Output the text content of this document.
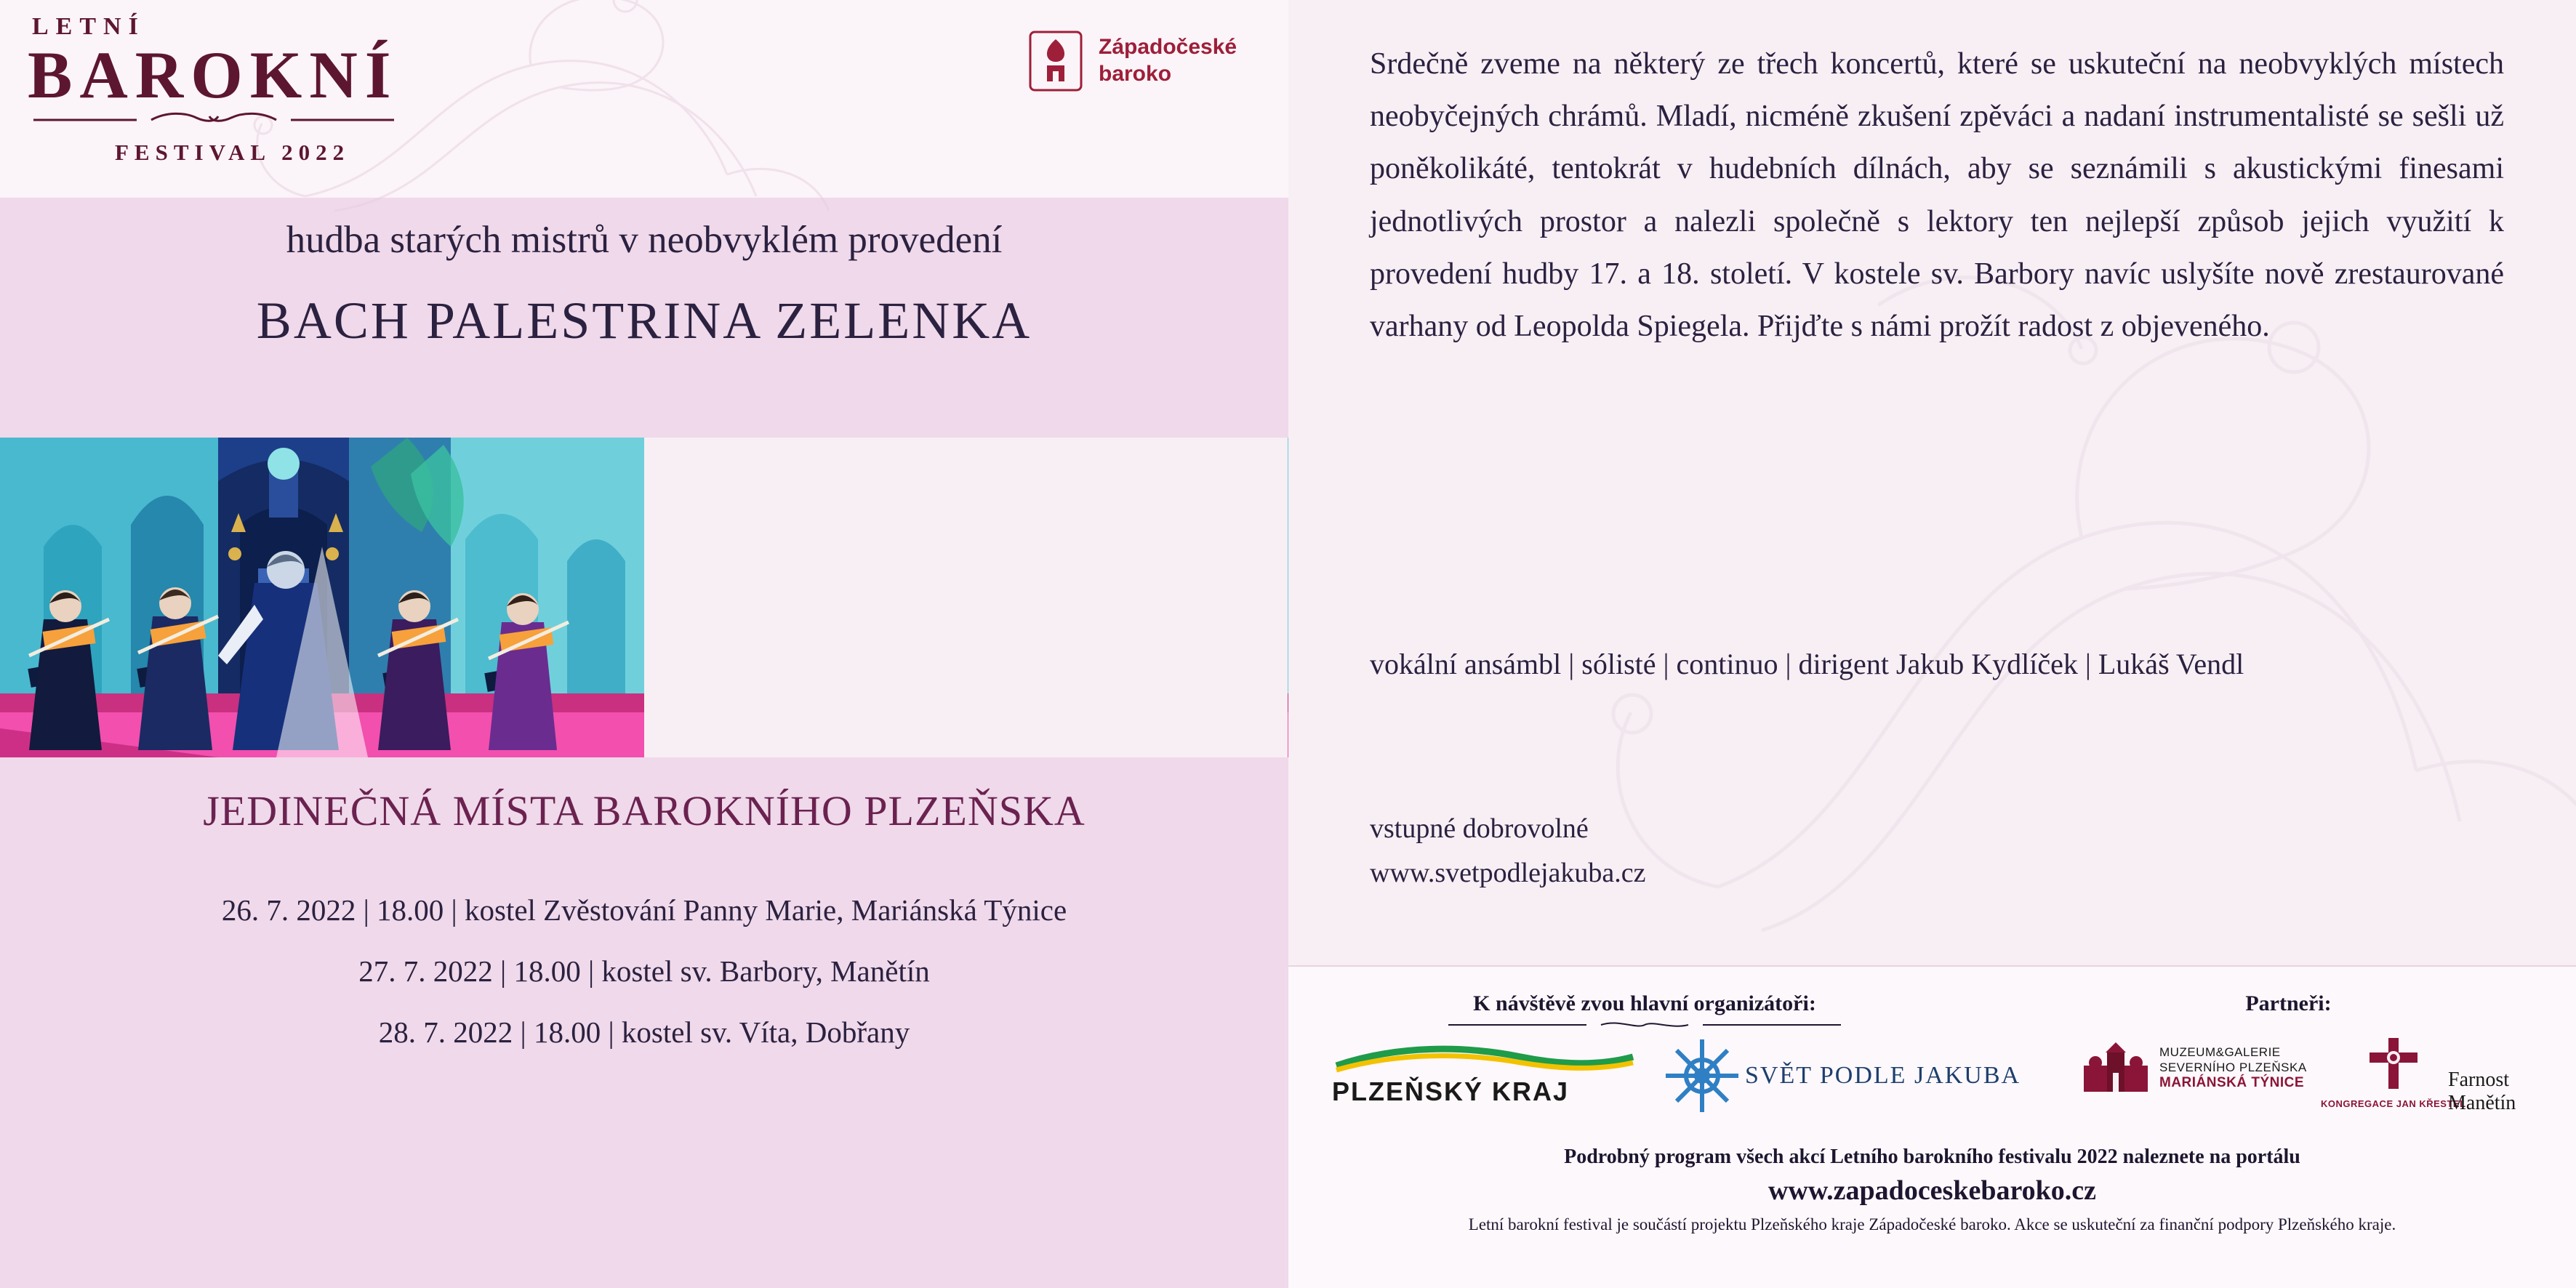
LETNÍ
BAROKNÍ
FESTIVAL 2022
Západočeské
baroko
hudba starých mistrů v neobvyklém provedení
BACH PALESTRINA ZELENKA
JEDINEČNÁ MÍSTA BAROKNÍHO PLZEŇSKA
26. 7. 2022 | 18.00 | kostel Zvěstování Panny Marie, Mariánská Týnice
27. 7. 2022 | 18.00 | kostel sv. Barbory, Manětín
28. 7. 2022 | 18.00 | kostel sv. Víta, Dobřany
Srdečně zveme na některý ze třech koncertů, které se uskuteční na neobvyklých místech neobyčejných chrámů. Mladí, nicméně zkušení zpěváci a nadaní instrumentalisté se sešli už poněkolikáté, tentokrát v hudebních dílnách, aby se seznámili s akustickými finesami jednotlivých prostor a nalezli společně s lektory ten nejlepší způsob jejich využití k provedení hudby 17. a 18. století. V kostele sv. Barbory navíc uslyšíte nově zrestaurované varhany od Leopolda Spiegela. Přijďte s námi prožít radost z objeveného.
vokální ansámbl | sólisté | continuo | dirigent Jakub Kydlíček | Lukáš Vendl
vstupné dobrovolné
www.svetpodlejakuba.cz
K návštěvě zvou hlavní organizátoři:	Partneři:
PLZEŇSKÝ KRAJ
SVĚT PODLE JAKUBA
MUZEUM&GALERIE
SEVERNÍHO PLZEŇSKA
MARIÁNSKÁ TÝNICE
KONGREGACE JAN KŘESTEL
Farnost Manětín
Podrobný program všech akcí Letního barokního festivalu 2022 naleznete na portálu
www.zapadoceskebaroko.cz
Letní barokní festival je součástí projektu Plzeňského kraje Západočeské baroko. Akce se uskuteční za finanční podpory Plzeňského kraje.
